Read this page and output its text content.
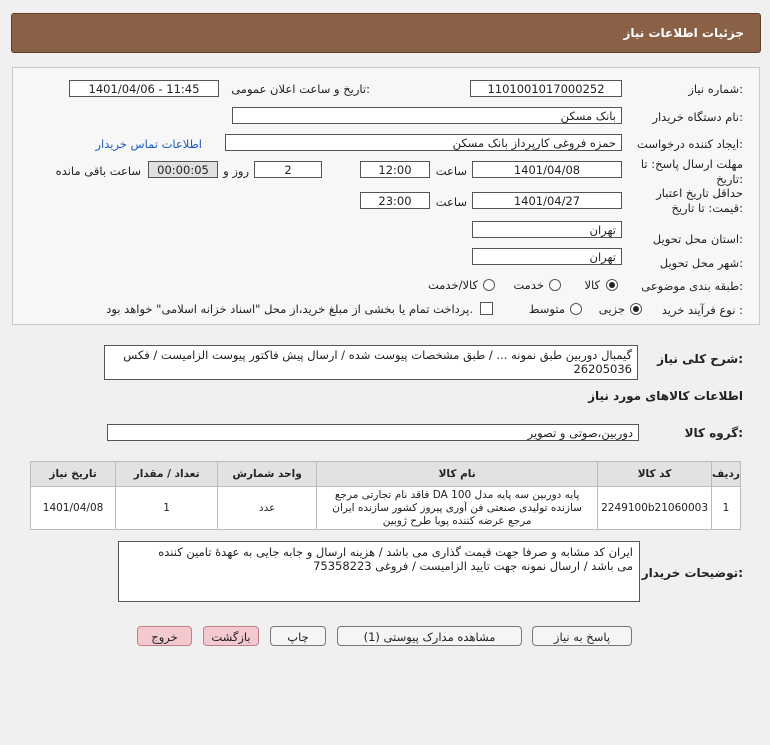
جزئیات اطلاعات نیاز
شماره نیاز:
1101001017000252
تاریخ و ساعت اعلان عمومی:
1401/04/06 - 11:45
نام دستگاه خریدار:
بانک مسکن
ایجاد کننده درخواست:
حمزه فروغی کارپرداز بانک مسکن
اطلاعات تماس خریدار
مهلت ارسال پاسخ: تا
تاریخ:
1401/04/08
ساعت
12:00
2
روز و
00:00:05
ساعت باقی مانده
حداقل تاریخ اعتبار
قیمت: تا تاریخ:
1401/04/27
ساعت
23:00
استان محل تحویل:
تهران
شهر محل تحویل:
تهران
طبقه بندی موضوعی:
کالا
خدمت
کالا/خدمت
نوع فرآیند خرید :
جزیی
متوسط
پرداخت تمام یا بخشی از مبلغ خرید،از محل "اسناد خزانه اسلامی" خواهد بود.
شرح کلی نیاز:
گیمبال دوربین طبق نمونه ... / طبق مشخصات پیوست شده / ارسال پیش فاکتور پیوست الزامیست / فکس
26205036
اطلاعات کالاهای مورد نیاز
گروه کالا:
دوربین،صوتی و تصویر
ردیف	کد کالا	نام کالا	واحد شمارش	تعداد / مقدار	تاریخ نیاز
1	2249100b21060003	پایه دوربین سه پایه مدل DA 100 فاقد نام تجارتی مرجع
سازنده تولیدی صنعتی فن آوری پیروز کشور سازنده ایران
مرجع عرضه کننده پویا طرح ژوبین	عدد	1	1401/04/08
توضیحات خریدار:
ایران کد مشابه و صرفا جهت قیمت گذاری می باشد / هزینه ارسال و جابه جایی به عهدۀ تامین کننده
می باشد / ارسال نمونه جهت تایید الزامیست / فروغی 75358223
پاسخ به نیاز
مشاهده مدارک پیوستی (1)
چاپ
بازگشت
خروج
